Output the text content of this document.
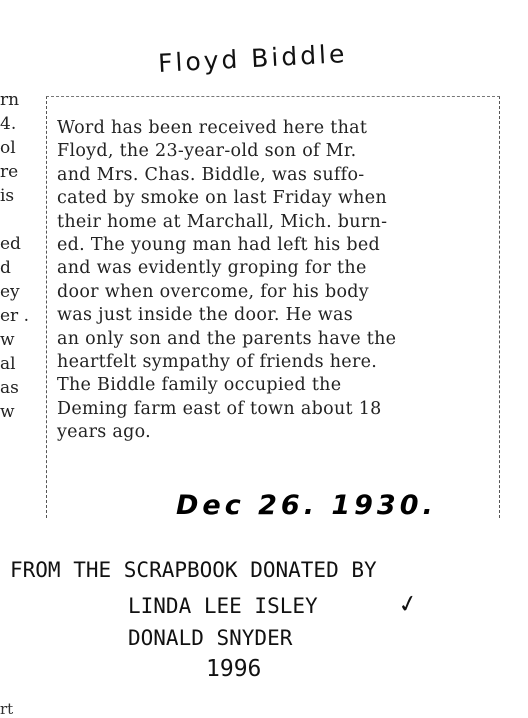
Floyd Biddle
rn
4.
ol
re
is
ed
d
ey
er .
w
al
as
w
Word has been received here that
Floyd, the 23-year-old son of Mr.
and Mrs. Chas. Biddle, was suffo-
cated by smoke on last Friday when
their home at Marchall, Mich. burn-
ed. The young man had left his bed
and was evidently groping for the
door when overcome, for his body
was just inside the door. He was
an only son and the parents have the
heartfelt sympathy of friends here.
The Biddle family occupied the
Deming farm east of town about 18
years ago.
Dec 26. 1930.
FROM THE SCRAPBOOK DONATED BY
LINDA LEE ISLEY	✓
DONALD SNYDER
1996
rt
